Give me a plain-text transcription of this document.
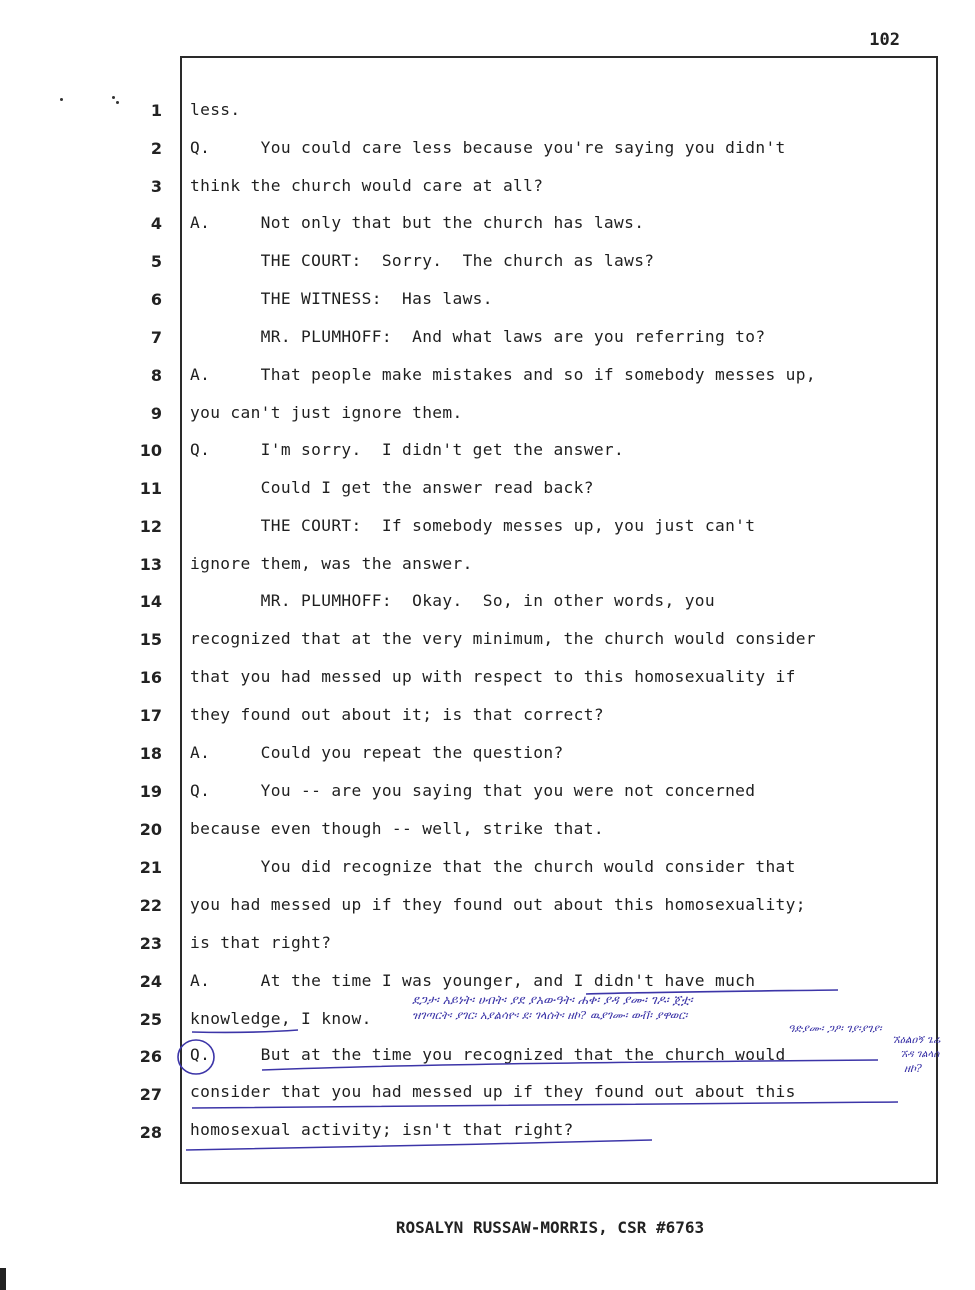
102
1 less.
2 Q.     You could care less because you're saying you didn't
3 think the church would care at all?
4 A.     Not only that but the church has laws.
5 THE COURT:  Sorry.  The church as laws?
6 THE WITNESS:  Has laws.
7 MR. PLUMHOFF:  And what laws are you referring to?
8 A.     That people make mistakes and so if somebody messes up,
9 you can't just ignore them.
10 Q.     I'm sorry.  I didn't get the answer.
11 Could I get the answer read back?
12 THE COURT:  If somebody messes up, you just can't
13 ignore them, was the answer.
14 MR. PLUMHOFF:  Okay.  So, in other words, you
15 recognized that at the very minimum, the church would consider
16 that you had messed up with respect to this homosexuality if
17 they found out about it; is that correct?
18 A.     Could you repeat the question?
19 Q.     You -- are you saying that you were not concerned
20 because even though -- well, strike that.
21 You did recognize that the church would consider that
22 you had messed up if they found out about this homosexuality;
23 is that right?
24 A.     At the time I was younger, and I didn't have much
25 knowledge, I know.
26 Q.     But at the time you recognized that the church would
27 consider that you had messed up if they found out about this
28 homosexual activity; isn't that right?
ደጋታ፡ አይነት፡ ሀብት፡ ያደ ያአውዓት፡ ሐቀ፡ ያዳ ያሙ፡ ገዶ፡ ጀቷ፡
ዝገጣርት፡ ያገር፡ አያልሳዮ፡ ደ፡ ገላሰት፡ ዘኮ? ዉያገሙ፡ ወቭ፡ ያዋወር፡
ዓድያሙ፡ ጋዖ፡ ገያ፡ያገያ፡
ኧዕልዐኝ ጌሬ
ኧዳ ገልላሰ
ዘኮ?
ROSALYN RUSSAW-MORRIS, CSR #6763
